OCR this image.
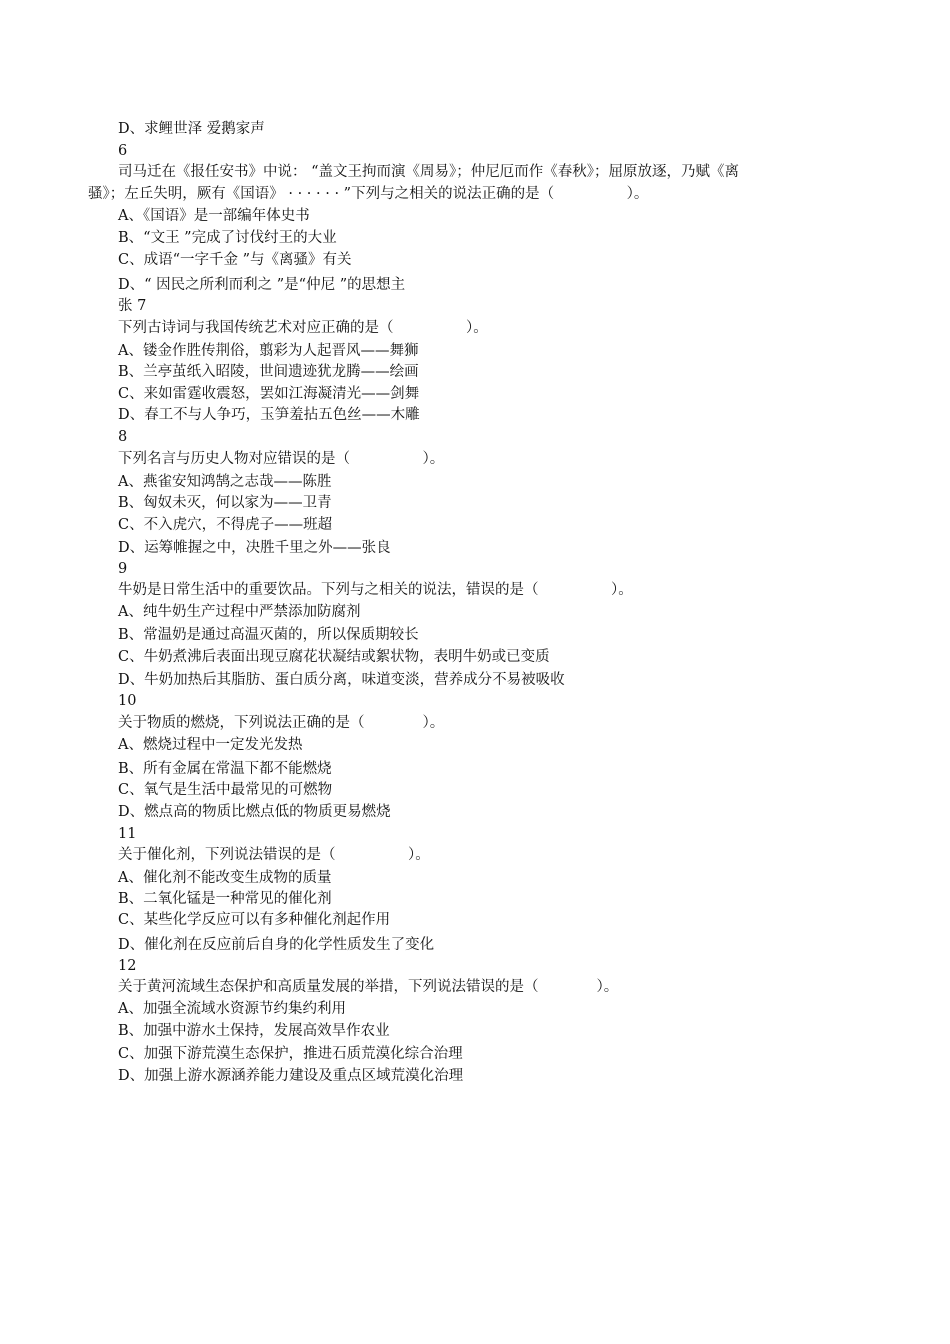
D、求鲤世泽 爱鹅家声
6
司马迁在《报任安书》中说： “盖文王拘而演《周易》；仲尼厄而作《春秋》；屈原放逐，乃赋《离
骚》；左丘失明，厥有《国语》 · · · · · · ”下列与之相关的说法正确的是（　　　　　）。
A、《国语》是一部编年体史书
B、“文王 ”完成了讨伐纣王的大业
C、成语“一字千金 ”与《离骚》有关
D、“ 因民之所利而利之 ”是“仲尼 ”的思想主
张 7
下列古诗词与我国传统艺术对应正确的是（　　　　　）。
A、镂金作胜传荆俗，翦彩为人起晋风——舞狮
B、兰亭茧纸入昭陵，世间遗迹犹龙腾——绘画
C、来如雷霆收震怒，罢如江海凝清光——剑舞
D、春工不与人争巧，玉笋羞拈五色丝——木雕
8
下列名言与历史人物对应错误的是（　　　　　）。
A、燕雀安知鸿鹄之志哉——陈胜
B、匈奴未灭，何以家为——卫青
C、不入虎穴，不得虎子——班超
D、运筹帷握之中，决胜千里之外——张良
9
牛奶是日常生活中的重要饮品。下列与之相关的说法，错误的是（　　　　　）。
A、纯牛奶生产过程中严禁添加防腐剂
B、常温奶是通过高温灭菌的，所以保质期较长
C、牛奶煮沸后表面出现豆腐花状凝结或絮状物，表明牛奶或已变质
D、牛奶加热后其脂肪、蛋白质分离，味道变淡，营养成分不易被吸收
10
关于物质的燃烧，下列说法正确的是（　　　　）。
A、燃烧过程中一定发光发热
B、所有金属在常温下都不能燃烧
C、氧气是生活中最常见的可燃物
D、燃点高的物质比燃点低的物质更易燃烧
11
关于催化剂，下列说法错误的是（　　　　　）。
A、催化剂不能改变生成物的质量
B、二氧化锰是一种常见的催化剂
C、某些化学反应可以有多种催化剂起作用
D、催化剂在反应前后自身的化学性质发生了变化
12
关于黄河流域生态保护和高质量发展的举措，下列说法错误的是（　　　　）。
A、加强全流域水资源节约集约利用
B、加强中游水土保持，发展高效旱作农业
C、加强下游荒漠生态保护，推进石质荒漠化综合治理
D、加强上游水源涵养能力建设及重点区域荒漠化治理
